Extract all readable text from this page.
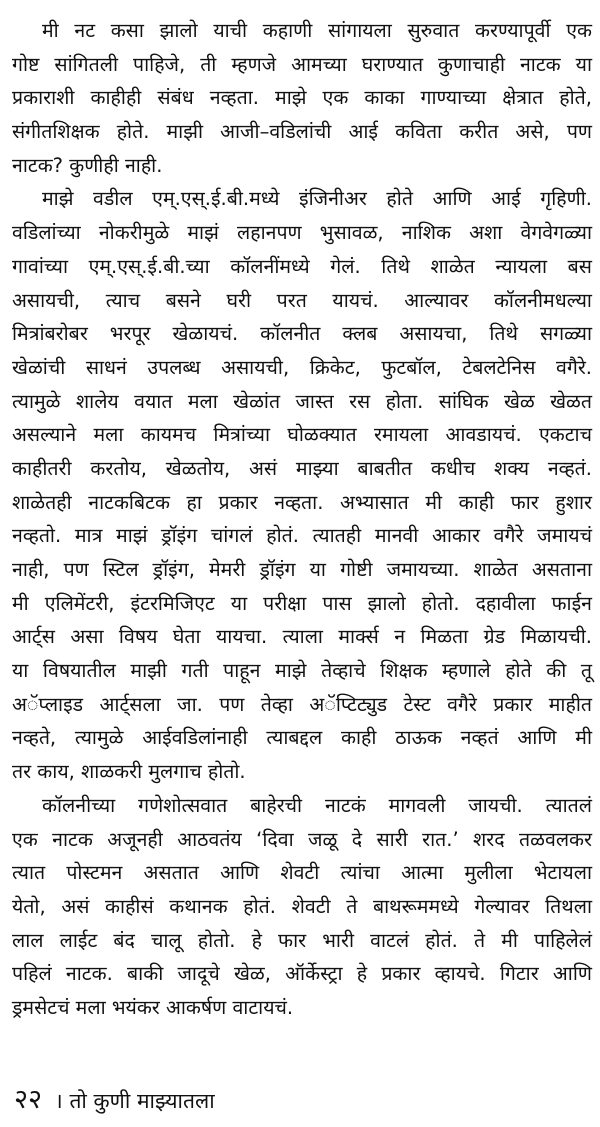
मी नट कसा झालो याची कहाणी सांगायला सुरुवात करण्यापूर्वी एक
गोष्ट सांगितली पाहिजे, ती म्हणजे आमच्या घराण्यात कुणाचाही नाटक या
प्रकाराशी काहीही संबंध नव्हता. माझे एक काका गाण्याच्या क्षेत्रात होते,
संगीतशिक्षक होते. माझी आजी–वडिलांची आई कविता करीत असे, पण
नाटक? कुणीही नाही.
माझे वडील एम्.एस्.ई.बी.मध्ये इंजिनीअर होते आणि आई गृहिणी.
वडिलांच्या नोकरीमुळे माझं लहानपण भुसावळ, नाशिक अशा वेगवेगळ्या
गावांच्या एम्.एस्.ई.बी.च्या कॉलनींमध्ये गेलं. तिथे शाळेत न्यायला बस
असायची, त्याच बसने घरी परत यायचं. आल्यावर कॉलनीमधल्या
मित्रांबरोबर भरपूर खेळायचं. कॉलनीत क्लब असायचा, तिथे सगळ्या
खेळांची साधनं उपलब्ध असायची, क्रिकेट, फुटबॉल, टेबलटेनिस वगैरे.
त्यामुळे शालेय वयात मला खेळांत जास्त रस होता. सांघिक खेळ खेळत
असल्याने मला कायमच मित्रांच्या घोळक्यात रमायला आवडायचं. एकटाच
काहीतरी करतोय, खेळतोय, असं माझ्या बाबतीत कधीच शक्य नव्हतं.
शाळेतही नाटकबिटक हा प्रकार नव्हता. अभ्यासात मी काही फार हुशार
नव्हतो. मात्र माझं ड्रॉइंग चांगलं होतं. त्यातही मानवी आकार वगैरे जमायचं
नाही, पण स्टिल ड्रॉइंग, मेमरी ड्रॉइंग या गोष्टी जमायच्या. शाळेत असताना
मी एलिमेंटरी, इंटरमिजिएट या परीक्षा पास झालो होतो. दहावीला फाईन
आर्ट्स असा विषय घेता यायचा. त्याला मार्क्स न मिळता ग्रेड मिळायची.
या विषयातील माझी गती पाहून माझे तेव्हाचे शिक्षक म्हणाले होते की तू
अॅप्लाइड आर्ट्सला जा. पण तेव्हा अॅप्टिट्युड टेस्ट वगैरे प्रकार माहीत
नव्हते, त्यामुळे आईवडिलांनाही त्याबद्दल काही ठाऊक नव्हतं आणि मी
तर काय, शाळकरी मुलगाच होतो.
कॉलनीच्या गणेशोत्सवात बाहेरची नाटकं मागवली जायची. त्यातलं
एक नाटक अजूनही आठवतंय ‘दिवा जळू दे सारी रात.’ शरद तळवलकर
त्यात पोस्टमन असतात आणि शेवटी त्यांचा आत्मा मुलीला भेटायला
येतो, असं काहीसं कथानक होतं. शेवटी ते बाथरूममध्ये गेल्यावर तिथला
लाल लाईट बंद चालू होतो. हे फार भारी वाटलं होतं. ते मी पाहिलेलं
पहिलं नाटक. बाकी जादूचे खेळ, ऑर्केस्ट्रा हे प्रकार व्हायचे. गिटार आणि
ड्रमसेटचं मला भयंकर आकर्षण वाटायचं.
२२ । तो कुणी माझ्यातला
